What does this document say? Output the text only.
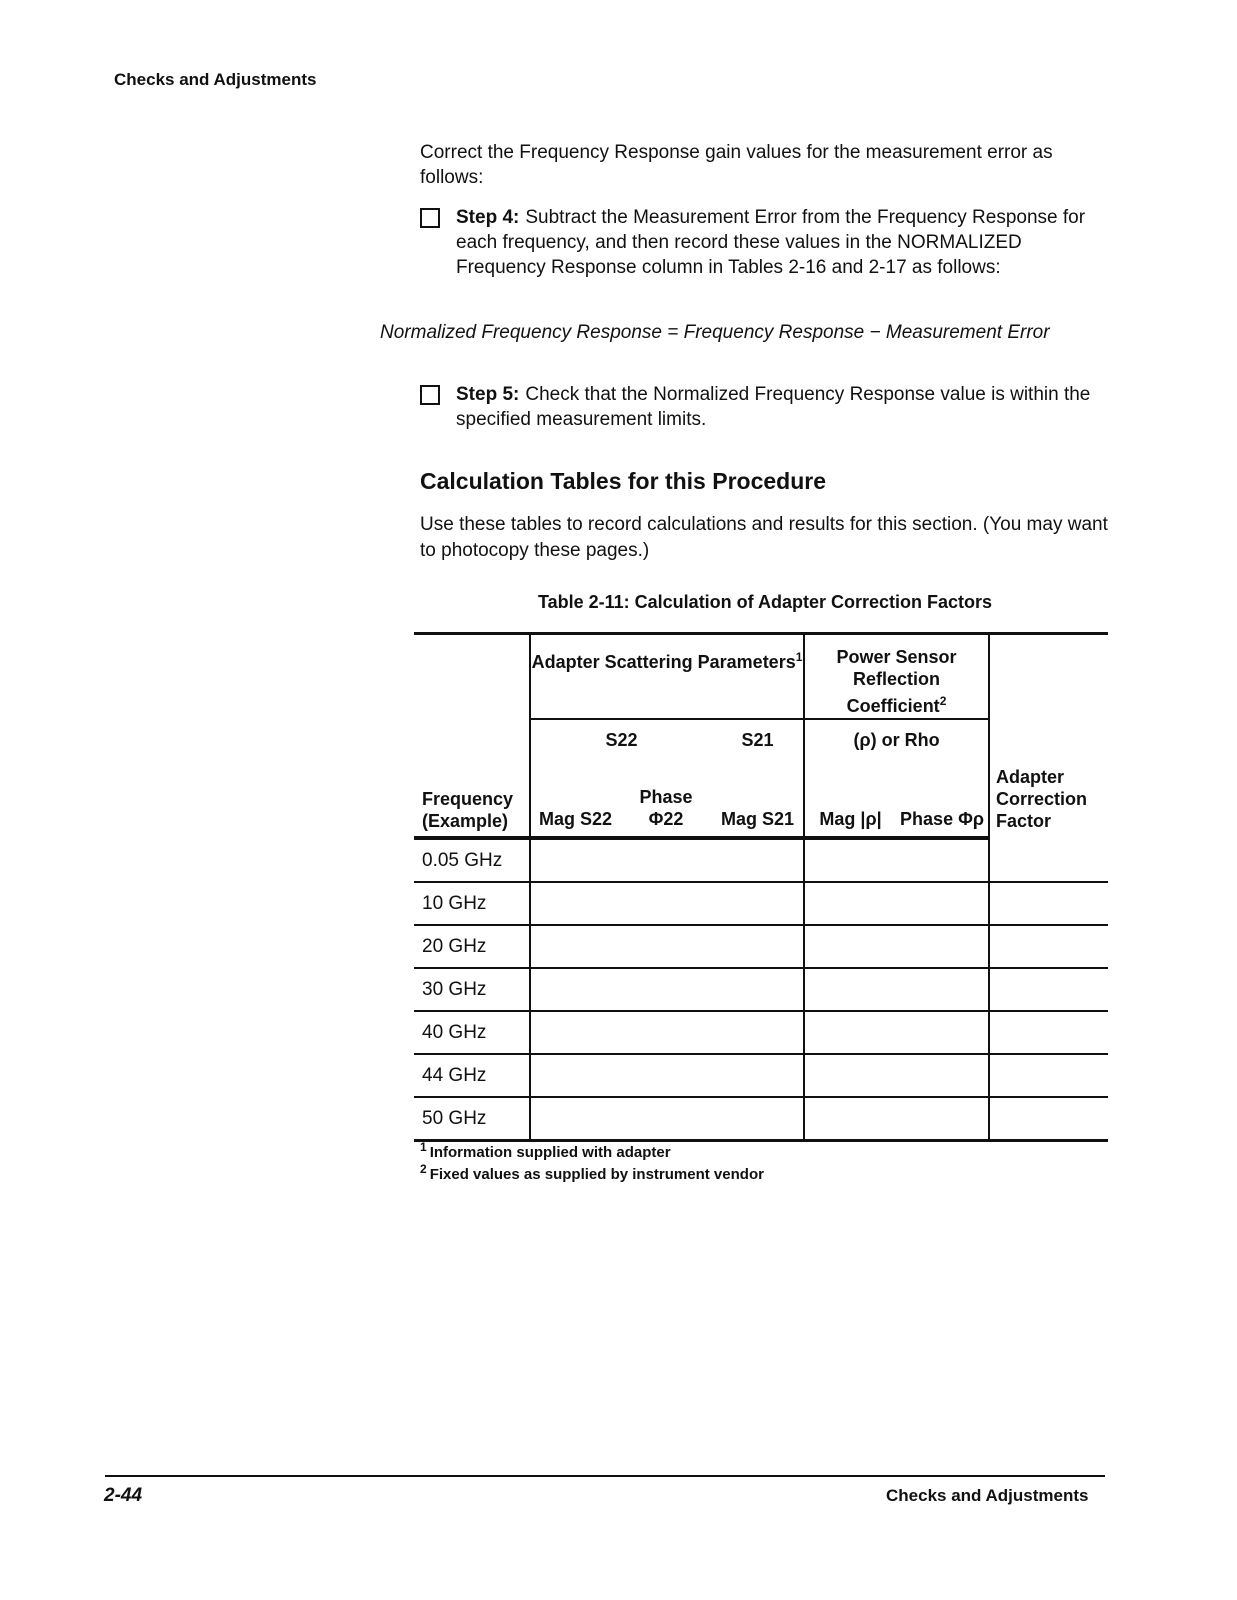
Checks and Adjustments
Correct the Frequency Response gain values for the measurement error as follows:
Step 4: Subtract the Measurement Error from the Frequency Response for each frequency, and then record these values in the NORMALIZED Frequency Response column in Tables 2-16 and 2-17 as follows:
Normalized Frequency Response = Frequency Response − Measurement Error
Step 5: Check that the Normalized Frequency Response value is within the specified measurement limits.
Calculation Tables for this Procedure
Use these tables to record calculations and results for this section. (You may want to photocopy these pages.)
Table 2-11: Calculation of Adapter Correction Factors
	Adapter Scattering Parameters$^1$			Power Sensor Reflection Coefficient$^2$		Adapter Correction Factor
	S22		S21	(ρ) or Rho		
Frequency (Example)	Mag S22	Phase Φ22	Mag S21	Mag |ρ|	Phase Φρ	
0.05 GHz						
10 GHz						
20 GHz						
30 GHz						
40 GHz						
44 GHz						
50 GHz						
$^1$ Information supplied with adapter
$^2$ Fixed values as supplied by instrument vendor
2-44	Checks and Adjustments
